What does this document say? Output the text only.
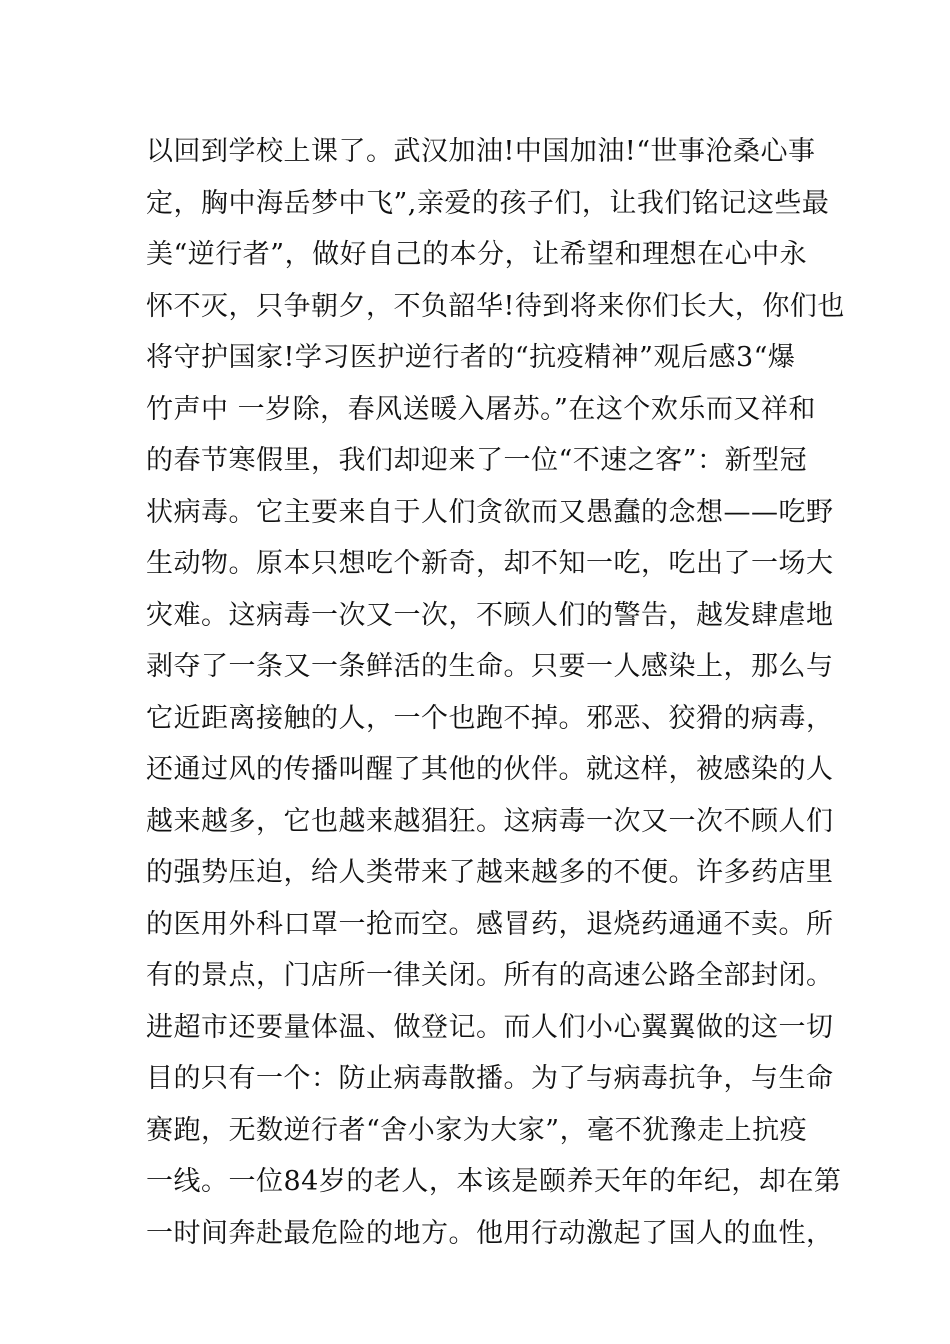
以回到学校上课了。武汉加油!中国加油!“世事沧桑心事
定，胸中海岳梦中飞”,亲爱的孩子们，让我们铭记这些最
美“逆行者”，做好自己的本分，让希望和理想在心中永
怀不灭，只争朝夕，不负韶华!待到将来你们长大，你们也
将守护国家!学习医护逆行者的“抗疫精神”观后感3“爆
竹声中 一岁除，春风送暖入屠苏。”在这个欢乐而又祥和
的春节寒假里，我们却迎来了一位“不速之客”：新型冠
状病毒。它主要来自于人们贪欲而又愚蠢的念想——吃野
生动物。原本只想吃个新奇，却不知一吃，吃出了一场大
灾难。这病毒一次又一次，不顾人们的警告，越发肆虐地
剥夺了一条又一条鲜活的生命。只要一人感染上，那么与
它近距离接触的人，一个也跑不掉。邪恶、狡猾的病毒，
还通过风的传播叫醒了其他的伙伴。就这样，被感染的人
越来越多，它也越来越猖狂。这病毒一次又一次不顾人们
的强势压迫，给人类带来了越来越多的不便。许多药店里
的医用外科口罩一抢而空。感冒药，退烧药通通不卖。所
有的景点，门店所一律关闭。所有的高速公路全部封闭。
进超市还要量体温、做登记。而人们小心翼翼做的这一切
目的只有一个：防止病毒散播。为了与病毒抗争，与生命
赛跑，无数逆行者“舍小家为大家”，毫不犹豫走上抗疫
一线。一位84岁的老人，本该是颐养天年的年纪，却在第
一时间奔赴最危险的地方。他用行动激起了国人的血性，
